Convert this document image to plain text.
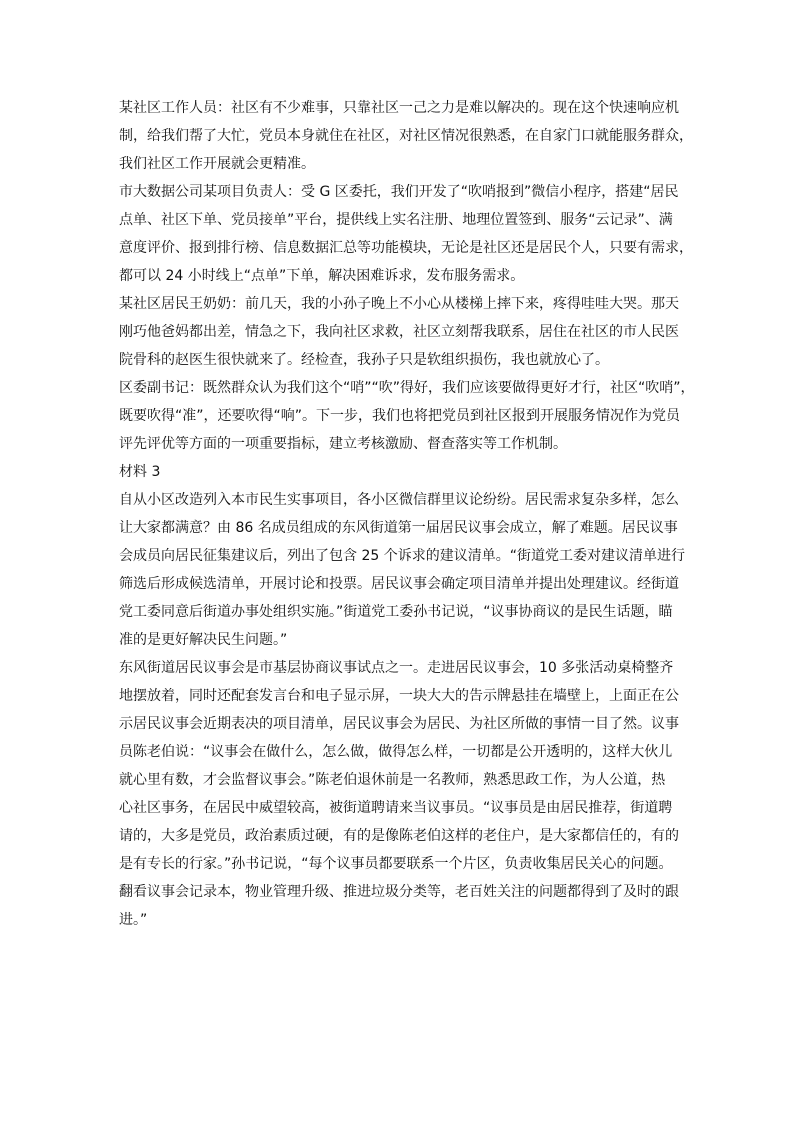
某社区工作人员：社区有不少难事，只靠社区一己之力是难以解决的。现在这个快速响应机
制，给我们帮了大忙，党员本身就住在社区，对社区情况很熟悉，在自家门口就能服务群众，
我们社区工作开展就会更精准。
市大数据公司某项目负责人：受 G 区委托，我们开发了“吹哨报到”微信小程序，搭建“居民
点单、社区下单、党员接单”平台，提供线上实名注册、地理位置签到、服务“云记录”、满
意度评价、报到排行榜、信息数据汇总等功能模块，无论是社区还是居民个人，只要有需求，
都可以 24 小时线上“点单”下单，解决困难诉求，发布服务需求。
某社区居民王奶奶：前几天，我的小孙子晚上不小心从楼梯上摔下来，疼得哇哇大哭。那天
刚巧他爸妈都出差，情急之下，我向社区求救，社区立刻帮我联系，居住在社区的市人民医
院骨科的赵医生很快就来了。经检查，我孙子只是软组织损伤，我也就放心了。
区委副书记：既然群众认为我们这个“哨”“吹”得好，我们应该要做得更好才行，社区“吹哨”，
既要吹得“准”，还要吹得“响”。下一步，我们也将把党员到社区报到开展服务情况作为党员
评先评优等方面的一项重要指标，建立考核激励、督查落实等工作机制。
材料 3
自从小区改造列入本市民生实事项目，各小区微信群里议论纷纷。居民需求复杂多样，怎么
让大家都满意？由 86 名成员组成的东风街道第一届居民议事会成立，解了难题。居民议事
会成员向居民征集建议后，列出了包含 25 个诉求的建议清单。“街道党工委对建议清单进行
筛选后形成候选清单，开展讨论和投票。居民议事会确定项目清单并提出处理建议。经街道
党工委同意后街道办事处组织实施。”街道党工委孙书记说，“议事协商议的是民生话题，瞄
准的是更好解决民生问题。”
东风街道居民议事会是市基层协商议事试点之一。走进居民议事会，10 多张活动桌椅整齐
地摆放着，同时还配套发言台和电子显示屏，一块大大的告示牌悬挂在墙壁上，上面正在公
示居民议事会近期表决的项目清单，居民议事会为居民、为社区所做的事情一目了然。议事
员陈老伯说：“议事会在做什么，怎么做，做得怎么样，一切都是公开透明的，这样大伙儿
就心里有数，才会监督议事会。”陈老伯退休前是一名教师，熟悉思政工作，为人公道，热
心社区事务，在居民中威望较高，被街道聘请来当议事员。“议事员是由居民推荐，街道聘
请的，大多是党员，政治素质过硬，有的是像陈老伯这样的老住户，是大家都信任的，有的
是有专长的行家。”孙书记说，“每个议事员都要联系一个片区，负责收集居民关心的问题。
翻看议事会记录本，物业管理升级、推进垃圾分类等，老百姓关注的问题都得到了及时的跟
进。”
